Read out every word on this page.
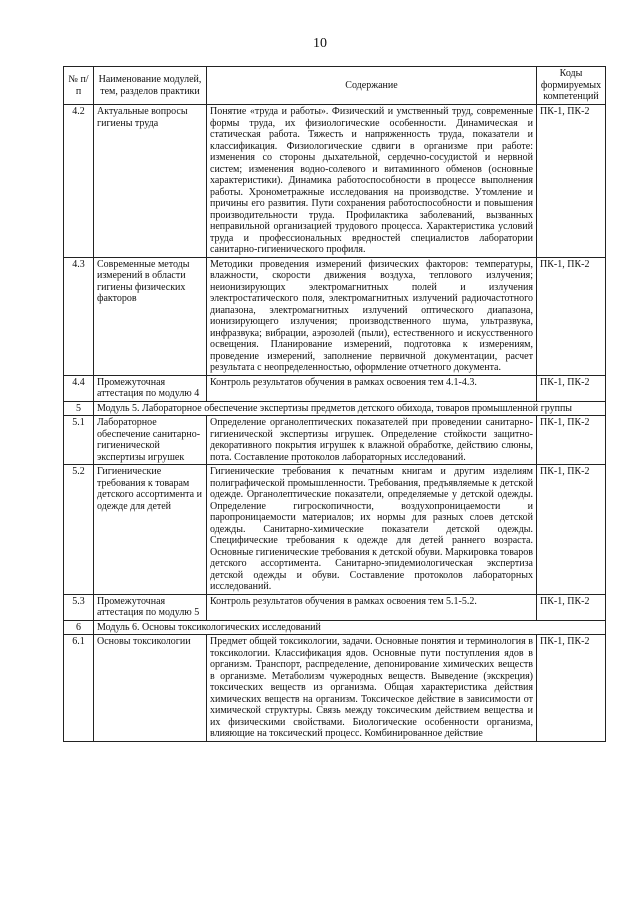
10
№ п/п	Наименование модулей, тем, разделов практики	Содержание	Коды формируемых компетенций
4.2	Актуальные вопросы гигиены труда	Понятие «труда и работы». Физический и умственный труд, современные формы труда, их физиологические особенности. Динамическая и статическая работа. Тяжесть и напряженность труда, показатели и классификация. Физиологические сдвиги в организме при работе: изменения со стороны дыхательной, сердечно-сосудистой и нервной систем; изменения водно-солевого и витаминного обменов (основные характеристики). Динамика работоспособности в процессе выполнения работы. Хронометражные исследования на производстве. Утомление и причины его развития. Пути сохранения работоспособности и повышения производительности труда. Профилактика заболеваний, вызванных неправильной организацией трудового процесса. Характеристика условий труда и профессиональных вредностей специалистов лаборатории санитарно-гигиенического профиля.	ПК-1, ПК-2
4.3	Современные методы измерений в области гигиены физических факторов	Методики проведения измерений физических факторов: температуры, влажности, скорости движения воздуха, теплового излучения; неионизирующих электромагнитных полей и излучения электростатического поля, электромагнитных излучений радиочастотного диапазона, электромагнитных излучений оптического диапазона, ионизирующего излучения; производственного шума, ультразвука, инфразвука; вибрации, аэрозолей (пыли), естественного и искусственного освещения. Планирование измерений, подготовка к измерениям, проведение измерений, заполнение первичной документации, расчет результата с неопределенностью, оформление отчетного документа.	ПК-1, ПК-2
4.4	Промежуточная аттестация по модулю 4	Контроль результатов обучения в рамках освоения тем 4.1-4.3.	ПК-1, ПК-2
5	Модуль 5. Лабораторное обеспечение экспертизы предметов детского обихода, товаров промышленной группы		
5.1	Лабораторное обеспечение санитарно-гигиенической экспертизы игрушек	Определение органолептических показателей при проведении санитарно-гигиенической экспертизы игрушек. Определение стойкости защитно-декоративного покрытия игрушек к влажной обработке, действию слюны, пота. Составление протоколов лабораторных исследований.	ПК-1, ПК-2
5.2	Гигиенические требования к товарам детского ассортимента и одежде для детей	Гигиенические требования к печатным книгам и другим изделиям полиграфической промышленности. Требования, предъявляемые к детской одежде. Органолептические показатели, определяемые у детской одежды. Определение гигроскопичности, воздухопроницаемости и паропроницаемости материалов; их нормы для разных слоев детской одежды. Санитарно-химические показатели детской одежды. Специфические требования к одежде для детей раннего возраста. Основные гигиенические требования к детской обуви. Маркировка товаров детского ассортимента. Санитарно-эпидемиологическая экспертиза детской одежды и обуви. Составление протоколов лабораторных исследований.	ПК-1, ПК-2
5.3	Промежуточная аттестация по модулю 5	Контроль результатов обучения в рамках освоения тем 5.1-5.2.	ПК-1, ПК-2
6	Модуль 6. Основы токсикологических исследований		
6.1	Основы токсикологии	Предмет общей токсикологии, задачи. Основные понятия и терминология в токсикологии. Классификация ядов. Основные пути поступления ядов в организм. Транспорт, распределение, депонирование химических веществ в организме. Метаболизм чужеродных веществ. Выведение (экскреция) токсических веществ из организма. Общая характеристика действия химических веществ на организм. Токсическое действие в зависимости от химической структуры. Связь между токсическим действием вещества и их физическими свойствами. Биологические особенности организма, влияющие на токсический процесс. Комбинированное действие	ПК-1, ПК-2
